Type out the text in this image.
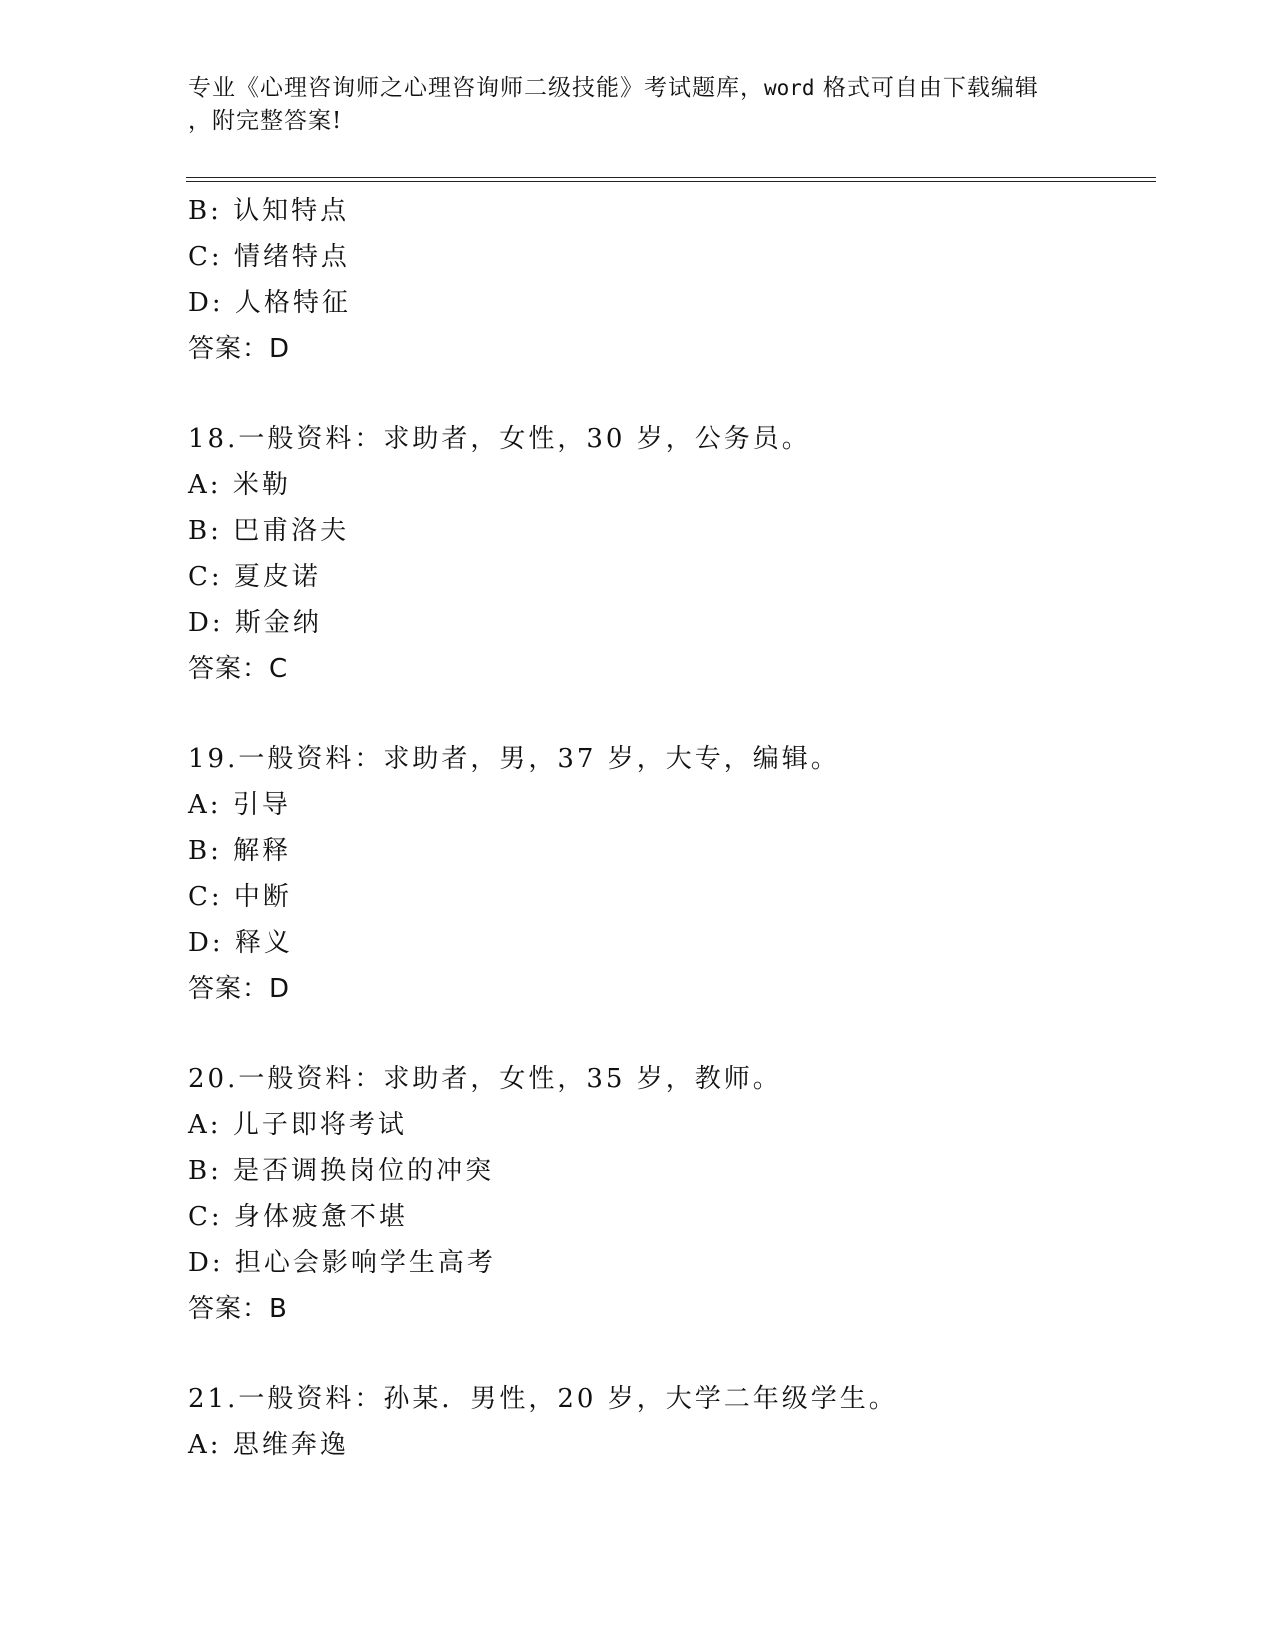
专业《心理咨询师之心理咨询师二级技能》考试题库，word 格式可自由下载编辑
，附完整答案!
B: 认知特点
C: 情绪特点
D: 人格特征
答案：D
18.一般资料：求助者，女性，30 岁，公务员。
A: 米勒
B: 巴甫洛夫
C: 夏皮诺
D: 斯金纳
答案：C
19.一般资料：求助者，男，37 岁，大专，编辑。
A: 引导
B: 解释
C: 中断
D: 释义
答案：D
20.一般资料：求助者，女性，35 岁，教师。
A: 儿子即将考试
B: 是否调换岗位的冲突
C: 身体疲惫不堪
D: 担心会影响学生高考
答案：B
21.一般资料：孙某．男性，20 岁，大学二年级学生。
A: 思维奔逸
